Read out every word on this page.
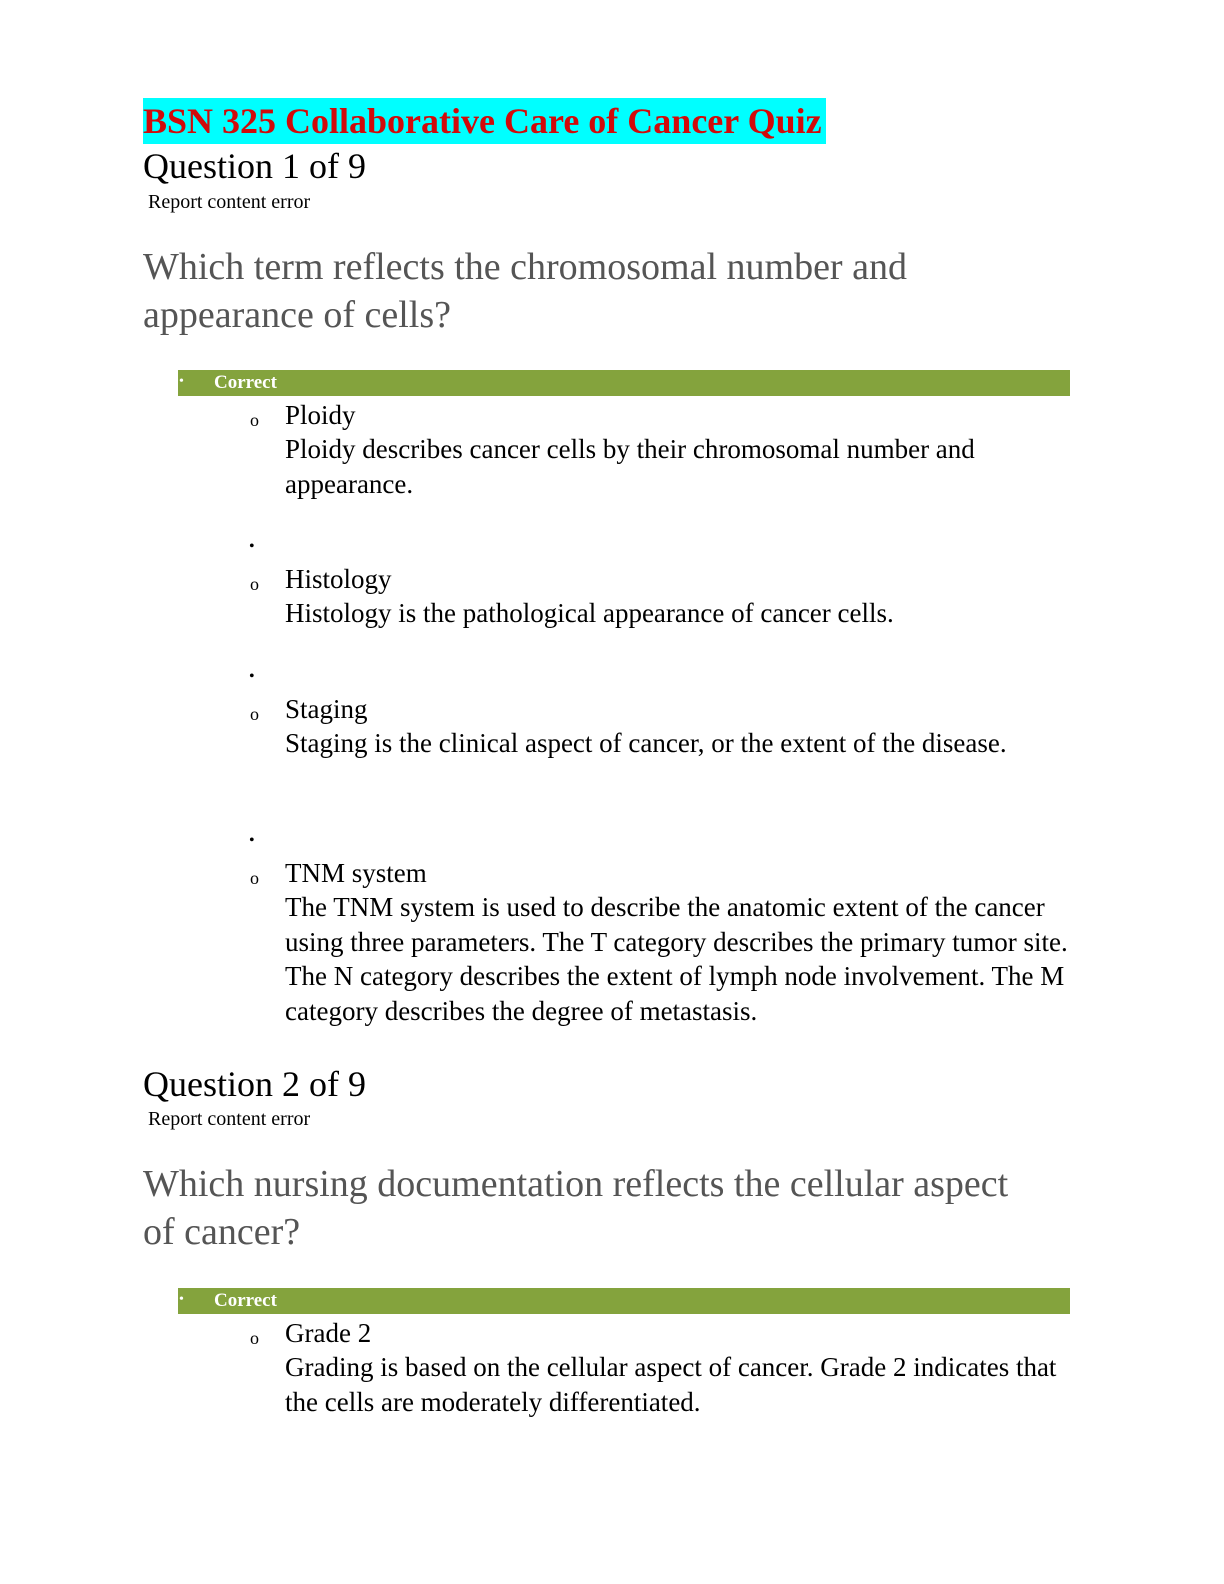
BSN 325 Collaborative Care of Cancer Quiz
Question 1 of 9
Report content error
Which term reflects the chromosomal number and appearance of cells?
• Correct
o Ploidy
Ploidy describes cancer cells by their chromosomal number and appearance.
•
o Histology
Histology is the pathological appearance of cancer cells.
•
o Staging
Staging is the clinical aspect of cancer, or the extent of the disease.
•
o TNM system
The TNM system is used to describe the anatomic extent of the cancer using three parameters. The T category describes the primary tumor site. The N category describes the extent of lymph node involvement. The M category describes the degree of metastasis.
Question 2 of 9
Report content error
Which nursing documentation reflects the cellular aspect of cancer?
• Correct
o Grade 2
Grading is based on the cellular aspect of cancer. Grade 2 indicates that the cells are moderately differentiated.
